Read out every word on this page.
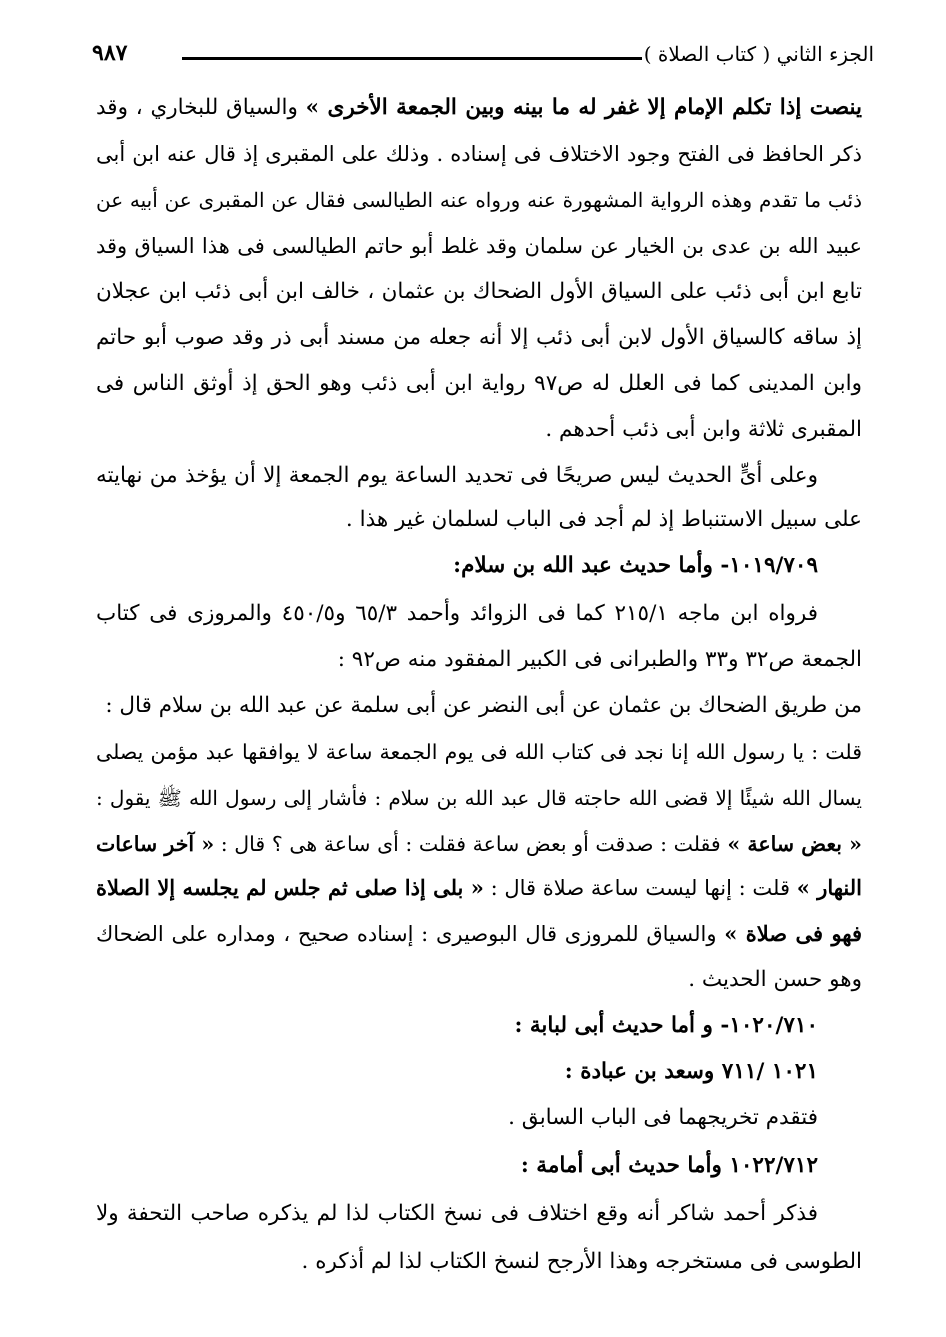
الجزء الثاني ( كتاب الصلاة )
٩٨٧
ينصت إذا تكلم الإمام إلا غفر له ما بينه وبين الجمعة الأخرى » والسياق للبخاري ، وقد
ذكر الحافظ فى الفتح وجود الاختلاف فى إسناده . وذلك على المقبرى إذ قال عنه ابن أبى
ذئب ما تقدم وهذه الرواية المشهورة عنه ورواه عنه الطيالسى فقال عن المقبرى عن أبيه عن
عبيد الله بن عدى بن الخيار عن سلمان وقد غلط أبو حاتم الطيالسى فى هذا السياق وقد
تابع ابن أبى ذئب على السياق الأول الضحاك بن عثمان ، خالف ابن أبى ذئب ابن عجلان
إذ ساقه كالسياق الأول لابن أبى ذئب إلا أنه جعله من مسند أبى ذر وقد صوب أبو حاتم
وابن المدينى كما فى العلل له ص٩٧ رواية ابن أبى ذئب وهو الحق إذ أوثق الناس فى
المقبرى ثلاثة وابن أبى ذئب أحدهم .
وعلى أىٍّ الحديث ليس صريحًا فى تحديد الساعة يوم الجمعة إلا أن يؤخذ من نهايته
على سبيل الاستنباط إذ لم أجد فى الباب لسلمان غير هذا .
١٠١٩/٧٠٩- وأما حديث عبد الله بن سلام:
فرواه ابن ماجه ٢١٥/١ كما فى الزوائد وأحمد ٦٥/٣ و٤٥٠/٥ والمروزى فى كتاب
الجمعة ص٣٢ و٣٣ والطبرانى فى الكبير المفقود منه ص٩٢ :
من طريق الضحاك بن عثمان عن أبى النضر عن أبى سلمة عن عبد الله بن سلام قال :
قلت : يا رسول الله إنا نجد فى كتاب الله فى يوم الجمعة ساعة لا يوافقها عبد مؤمن يصلى
يسال الله شيئًا إلا قضى الله حاجته قال عبد الله بن سلام : فأشار إلى رسول الله ﷺ يقول :
« بعض ساعة » فقلت : صدقت أو بعض ساعة فقلت : أى ساعة هى ؟ قال : « آخر ساعات
النهار » قلت : إنها ليست ساعة صلاة قال : « بلى إذا صلى ثم جلس لم يجلسه إلا الصلاة
فهو فى صلاة » والسياق للمروزى قال البوصيرى : إسناده صحيح ، ومداره على الضحاك
وهو حسن الحديث .
١٠٢٠/٧١٠- و أما حديث أبى لبابة :
١٠٢١ /٧١١ وسعد بن عبادة :
فتقدم تخريجهما فى الباب السابق .
١٠٢٢/٧١٢ وأما حديث أبى أمامة :
فذكر أحمد شاكر أنه وقع اختلاف فى نسخ الكتاب لذا لم يذكره صاحب التحفة ولا
الطوسى فى مستخرجه وهذا الأرجح لنسخ الكتاب لذا لم أذكره .
